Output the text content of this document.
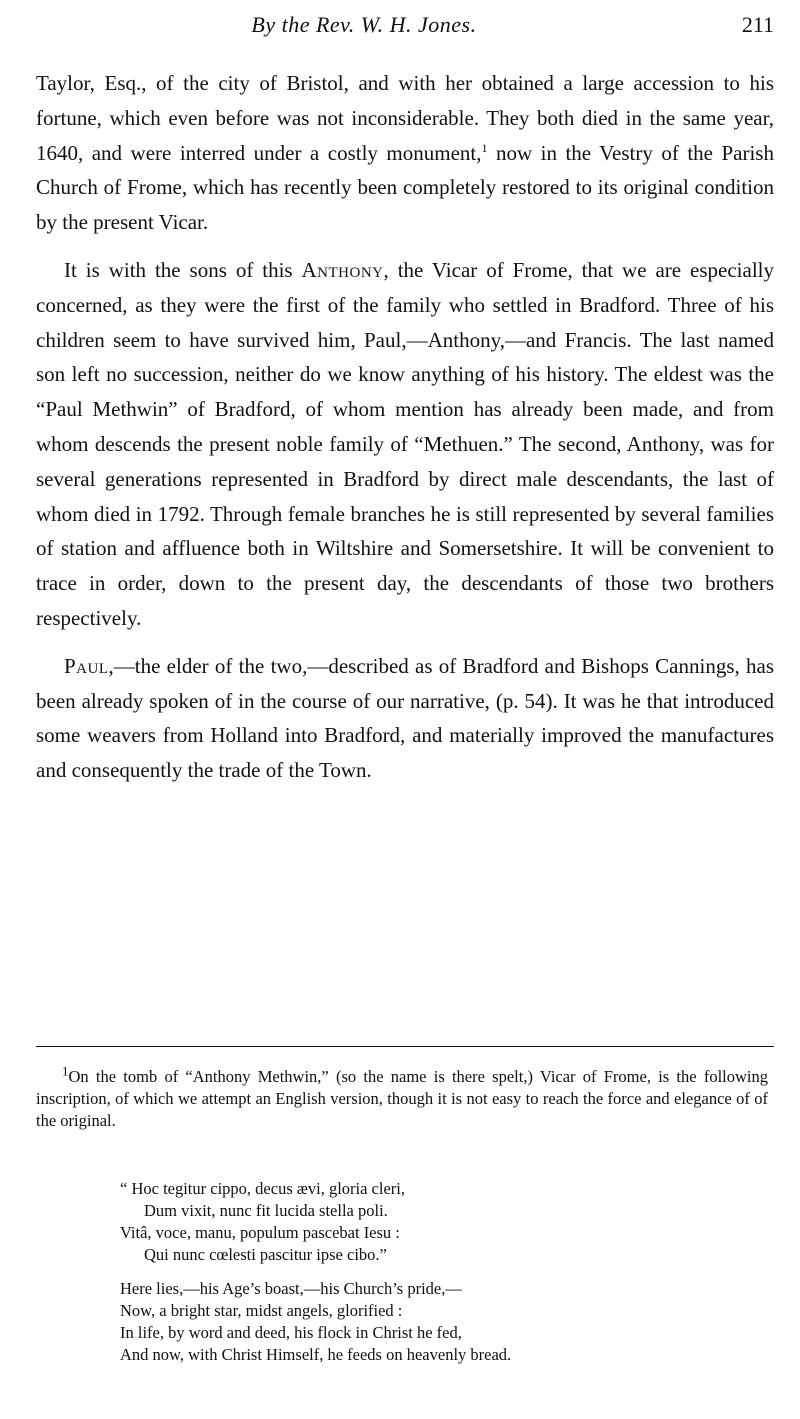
By the Rev. W. H. Jones.	211

Taylor, Esq., of the city of Bristol, and with her obtained a large accession to his fortune, which even before was not inconsiderable. They both died in the same year, 1640, and were interred under a costly monument,$^1$ now in the Vestry of the Parish Church of Frome, which has recently been completely restored to its original condition by the present Vicar.

It is with the sons of this Anthony, the Vicar of Frome, that we are especially concerned, as they were the first of the family who settled in Bradford. Three of his children seem to have survived him, Paul,—Anthony,—and Francis. The last named son left no succession, neither do we know anything of his history. The eldest was the “Paul Methwin” of Bradford, of whom mention has already been made, and from whom descends the present noble family of “Methuen.” The second, Anthony, was for several generations represented in Bradford by direct male descendants, the last of whom died in 1792. Through female branches he is still represented by several families of station and affluence both in Wiltshire and Somersetshire. It will be convenient to trace in order, down to the present day, the descendants of those two brothers respectively.

Paul,—the elder of the two,—described as of Bradford and Bishops Cannings, has been already spoken of in the course of our narrative, (p. 54). It was he that introduced some weavers from Holland into Bradford, and materially improved the manufactures and consequently the trade of the Town.

$^1$On the tomb of “Anthony Methwin,” (so the name is there spelt,) Vicar of Frome, is the following inscription, of which we attempt an English version, though it is not easy to reach the force and elegance of of the original.

“ Hoc tegitur cippo, decus ævi, gloria cleri,
Dum vixit, nunc fit lucida stella poli.
Vitâ, voce, manu, populum pascebat Iesu :
Qui nunc cœlesti pascitur ipse cibo.”
Here lies,—his Age’s boast,—his Church’s pride,—
Now, a bright star, midst angels, glorified :
In life, by word and deed, his flock in Christ he fed,
And now, with Christ Himself, he feeds on heavenly bread.
